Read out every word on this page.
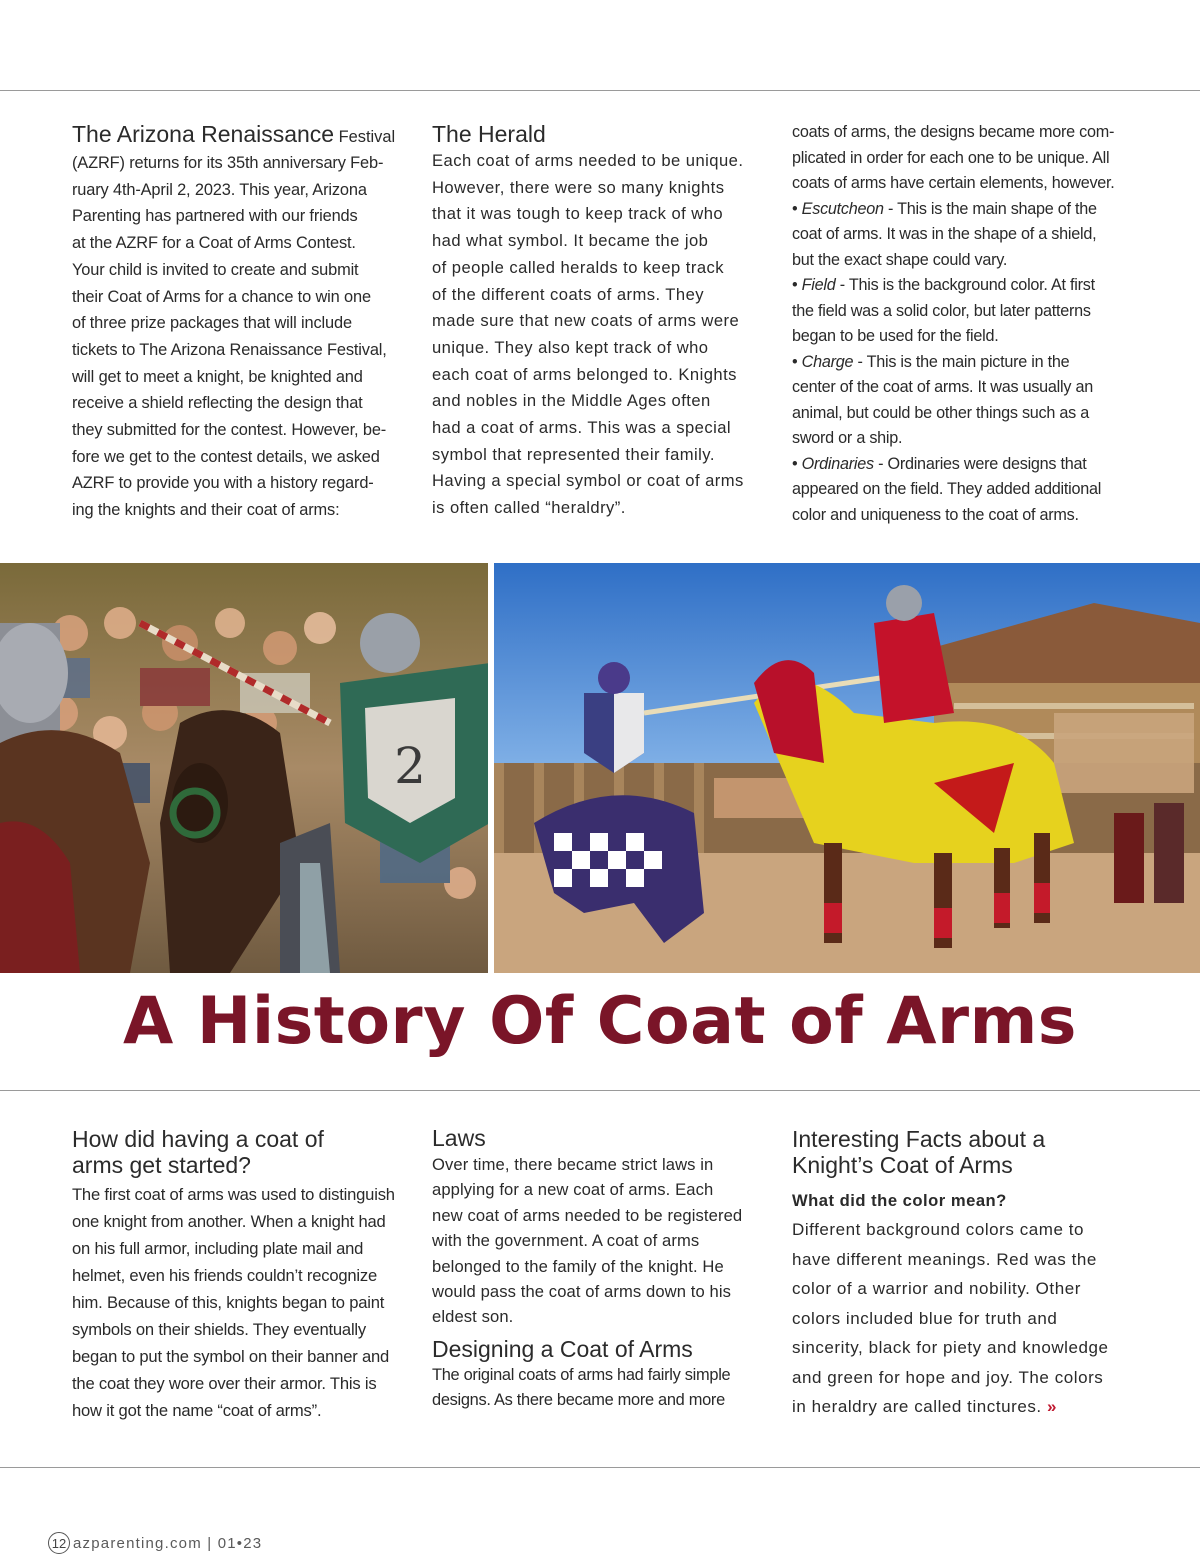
The Arizona Renaissance Festival
(AZRF) returns for its 35th anniversary Feb-
ruary 4th-April 2, 2023. This year, Arizona
Parenting has partnered with our friends
at the AZRF for a Coat of Arms Contest.
Your child is invited to create and submit
their Coat of Arms for a chance to win one
of three prize packages that will include
tickets to The Arizona Renaissance Festival,
will get to meet a knight, be knighted and
receive a shield reflecting the design that
they submitted for the contest. However, be-
fore we get to the contest details, we asked
AZRF to provide you with a history regard-
ing the knights and their coat of arms:
The Herald
Each coat of arms needed to be unique.
However, there were so many knights
that it was tough to keep track of who
had what symbol. It became the job
of people called heralds to keep track
of the different coats of arms. They
made sure that new coats of arms were
unique. They also kept track of who
each coat of arms belonged to. Knights
and nobles in the Middle Ages often
had a coat of arms. This was a special
symbol that represented their family.
Having a special symbol or coat of arms
is often called “heraldry”.
coats of arms, the designs became more com-
plicated in order for each one to be unique. All
coats of arms have certain elements, however.
• Escutcheon - This is the main shape of the
coat of arms. It was in the shape of a shield,
but the exact shape could vary.
• Field - This is the background color. At first
the field was a solid color, but later patterns
began to be used for the field.
• Charge - This is the main picture in the
center of the coat of arms. It was usually an
animal, but could be other things such as a
sword or a ship.
• Ordinaries - Ordinaries were designs that
appeared on the field. They added additional
color and uniqueness to the coat of arms.
2
A History Of Coat of Arms
How did having a coat of
arms get started?
The first coat of arms was used to distinguish
one knight from another. When a knight had
on his full armor, including plate mail and
helmet, even his friends couldn’t recognize
him. Because of this, knights began to paint
symbols on their shields. They eventually
began to put the symbol on their banner and
the coat they wore over their armor. This is
how it got the name “coat of arms”.
Laws
Over time, there became strict laws in
applying for a new coat of arms. Each
new coat of arms needed to be registered
with the government. A coat of arms
belonged to the family of the knight. He
would pass the coat of arms down to his
eldest son.
Designing a Coat of Arms
The original coats of arms had fairly simple
designs. As there became more and more
Interesting Facts about a
Knight’s Coat of Arms
What did the color mean?
Different background colors came to
have different meanings. Red was the
color of a warrior and nobility. Other
colors included blue for truth and
sincerity, black for piety and knowledge
and green for hope and joy. The colors
in heraldry are called tinctures. »
12 azparenting.com | 01•23
